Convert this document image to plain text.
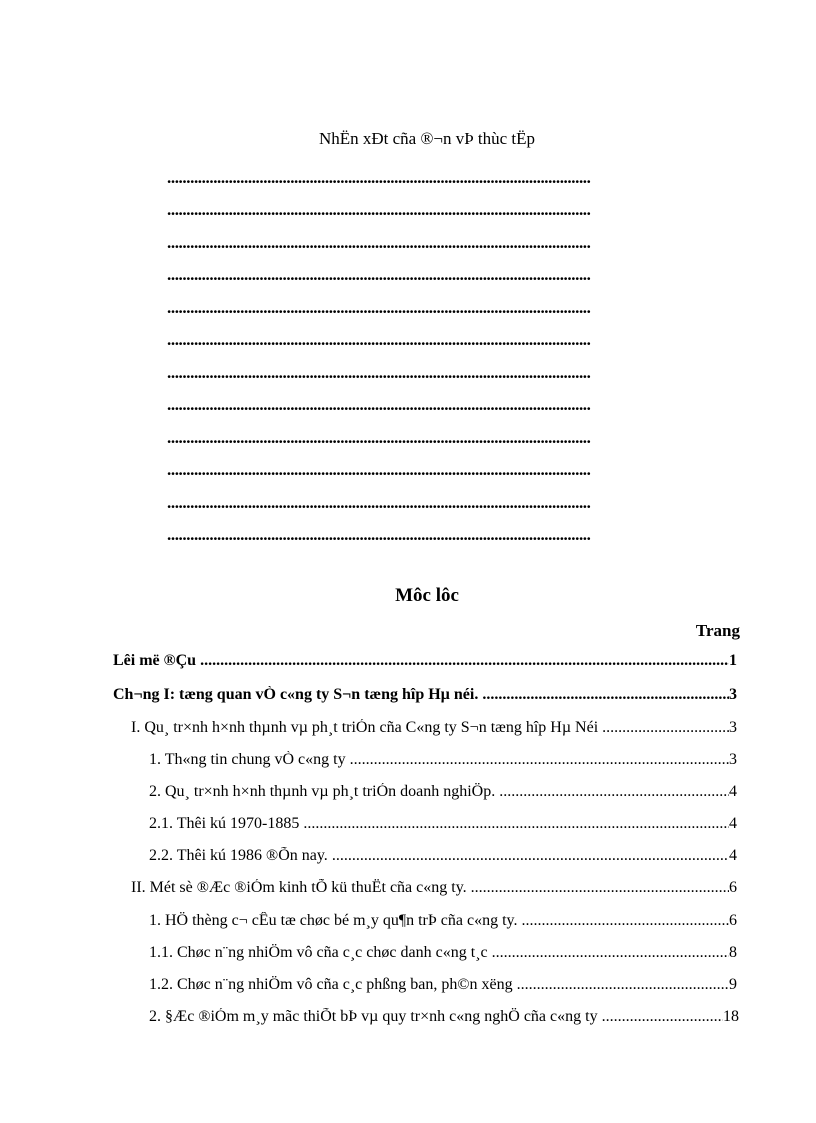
NhËn xÐt cña ®¬n vÞ thùc tËp
..............................................................................................................
..............................................................................................................
..............................................................................................................
..............................................................................................................
..............................................................................................................
..............................................................................................................
..............................................................................................................
..............................................................................................................
..............................................................................................................
..............................................................................................................
..............................................................................................................
..............................................................................................................
Môc lôc
Trang
Lêi më ®Çu .....	1
Ch¬ng I: tæng quan vÒ c«ng ty S¬n tæng hîp Hµ néi. .....	3
I. Qu¸ tr×nh h×nh thµnh vµ ph¸t triÓn cña C«ng ty S¬n tæng hîp Hµ Néi .....	3
1. Th«ng tin chung vÒ c«ng ty .....	3
2. Qu¸ tr×nh h×nh thµnh vµ ph¸t triÓn doanh nghiÖp. .....	4
2.1. Thêi kú 1970-1885 .....	4
2.2. Thêi kú 1986 ®Õn nay. .....	4
II. Mét sè ®Æc ®iÓm kinh tÕ kü thuËt cña c«ng ty. .....	6
1. HÖ thèng c¬ cÊu tæ chøc bé m¸y qu¶n trÞ cña c«ng ty. .....	6
1.1. Chøc n¨ng nhiÖm vô cña c¸c chøc danh c«ng t¸c .....	8
1.2. Chøc n¨ng nhiÖm vô cña c¸c phßng ban, ph©n xëng .....	9
2. §Æc ®iÓm m¸y mãc thiÕt bÞ vµ quy tr×nh c«ng nghÖ cña c«ng ty .....	18
